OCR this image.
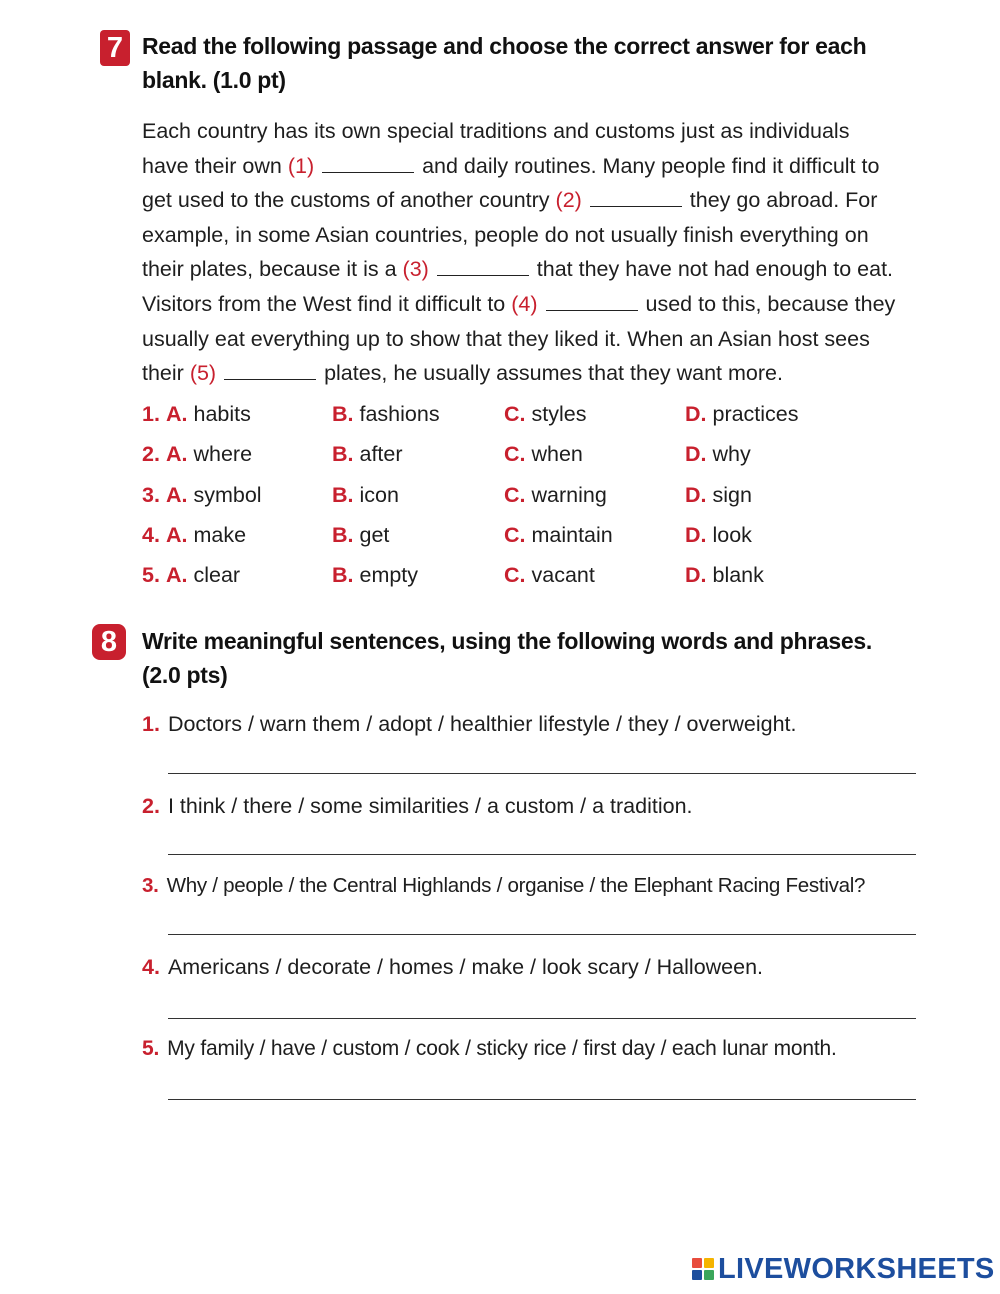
7 Read the following passage and choose the correct answer for each
blank. (1.0 pt)
Each country has its own special traditions and customs just as individuals
have their own (1)	and daily routines. Many people find it difficult to
get used to the customs of another country (2)	they go abroad. For
example, in some Asian countries, people do not usually finish everything on
their plates, because it is a (3)	that they have not had enough to eat.
Visitors from the West find it difficult to (4)	used to this, because they
usually eat everything up to show that they liked it. When an Asian host sees
their (5)	plates, he usually assumes that they want more.
1. A. habits	B. fashions	C. styles	D. practices
2. A. where	B. after	C. when	D. why
3. A. symbol	B. icon	C. warning	D. sign
4. A. make	B. get	C. maintain	D. look
5. A. clear	B. empty	C. vacant	D. blank
8	Write meaningful sentences, using the following words and phrases.
(2.0 pts)
1. Doctors / warn them / adopt / healthier lifestyle / they / overweight.
2. I think / there / some similarities / a custom / a tradition.
3. Why / people / the Central Highlands / organise / the Elephant Racing Festival?
4. Americans / decorate / homes / make / look scary / Halloween.
5. My family / have / custom / cook / sticky rice / first day / each lunar month.
LIVEWORKSHEETS
